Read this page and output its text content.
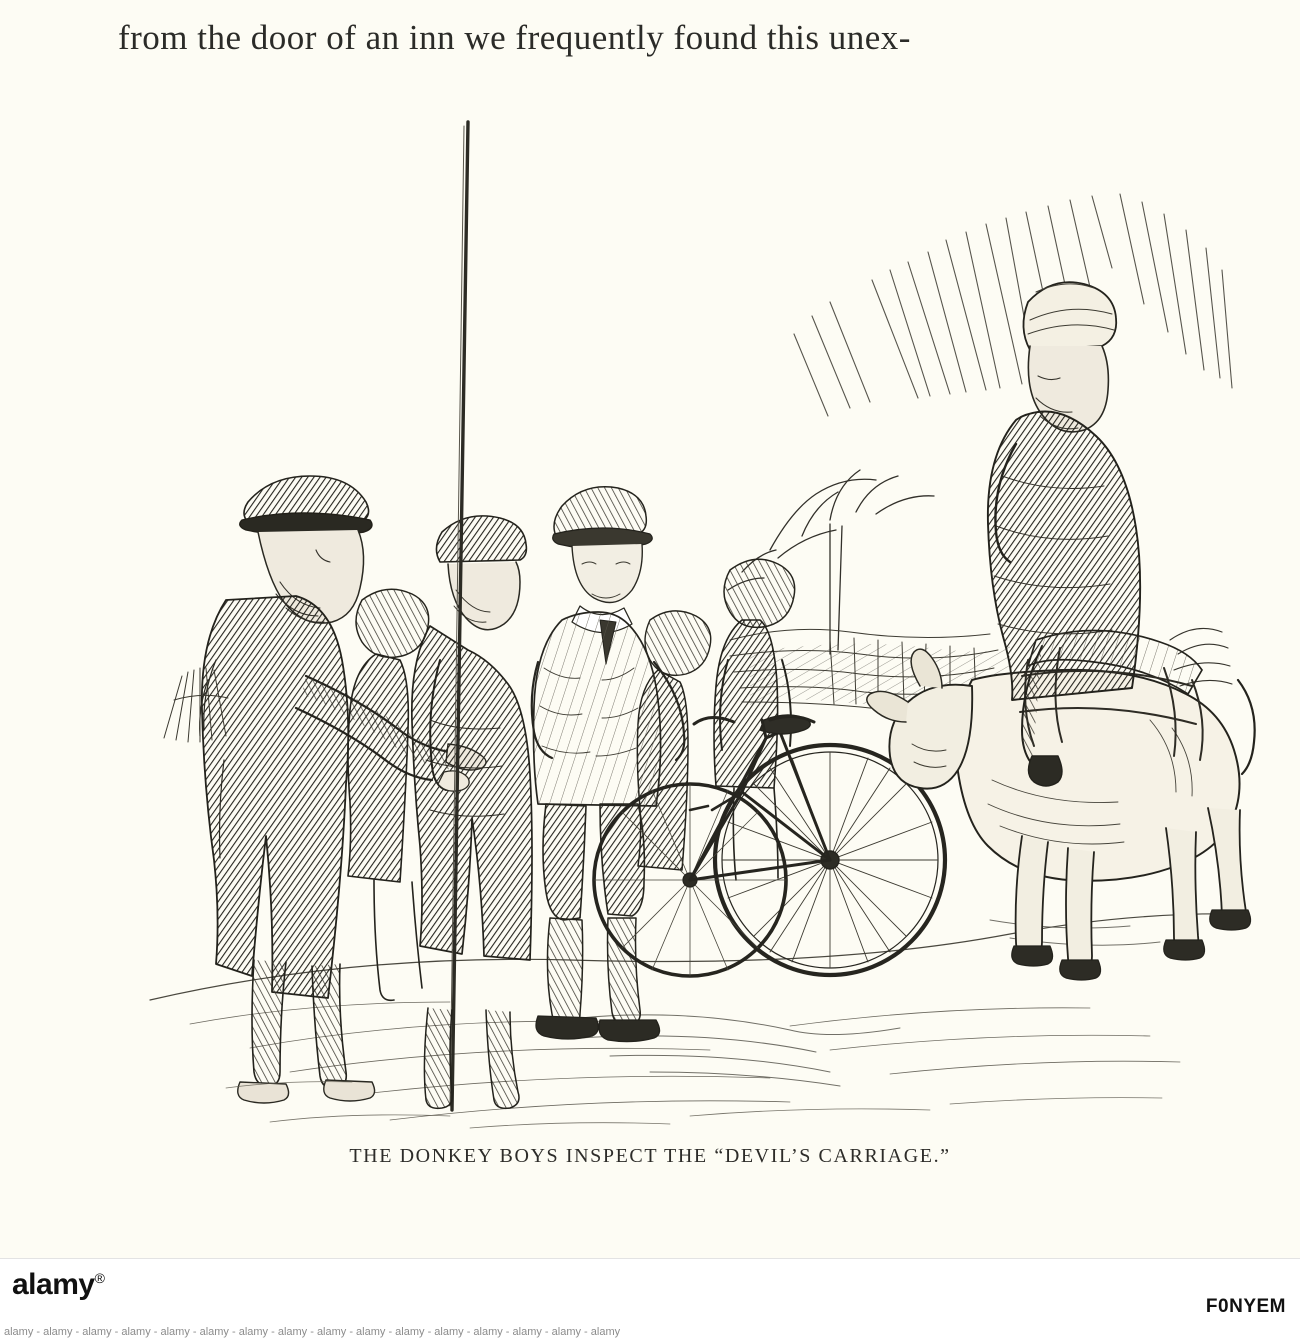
from the door of an inn we frequently found this unex-
THE DONKEY BOYS INSPECT THE “DEVIL’S CARRIAGE.”
alamy®
F0NYEM
alamy - alamy - alamy - alamy - alamy - alamy - alamy - alamy - alamy - alamy - alamy - alamy - alamy - alamy - alamy - alamy
